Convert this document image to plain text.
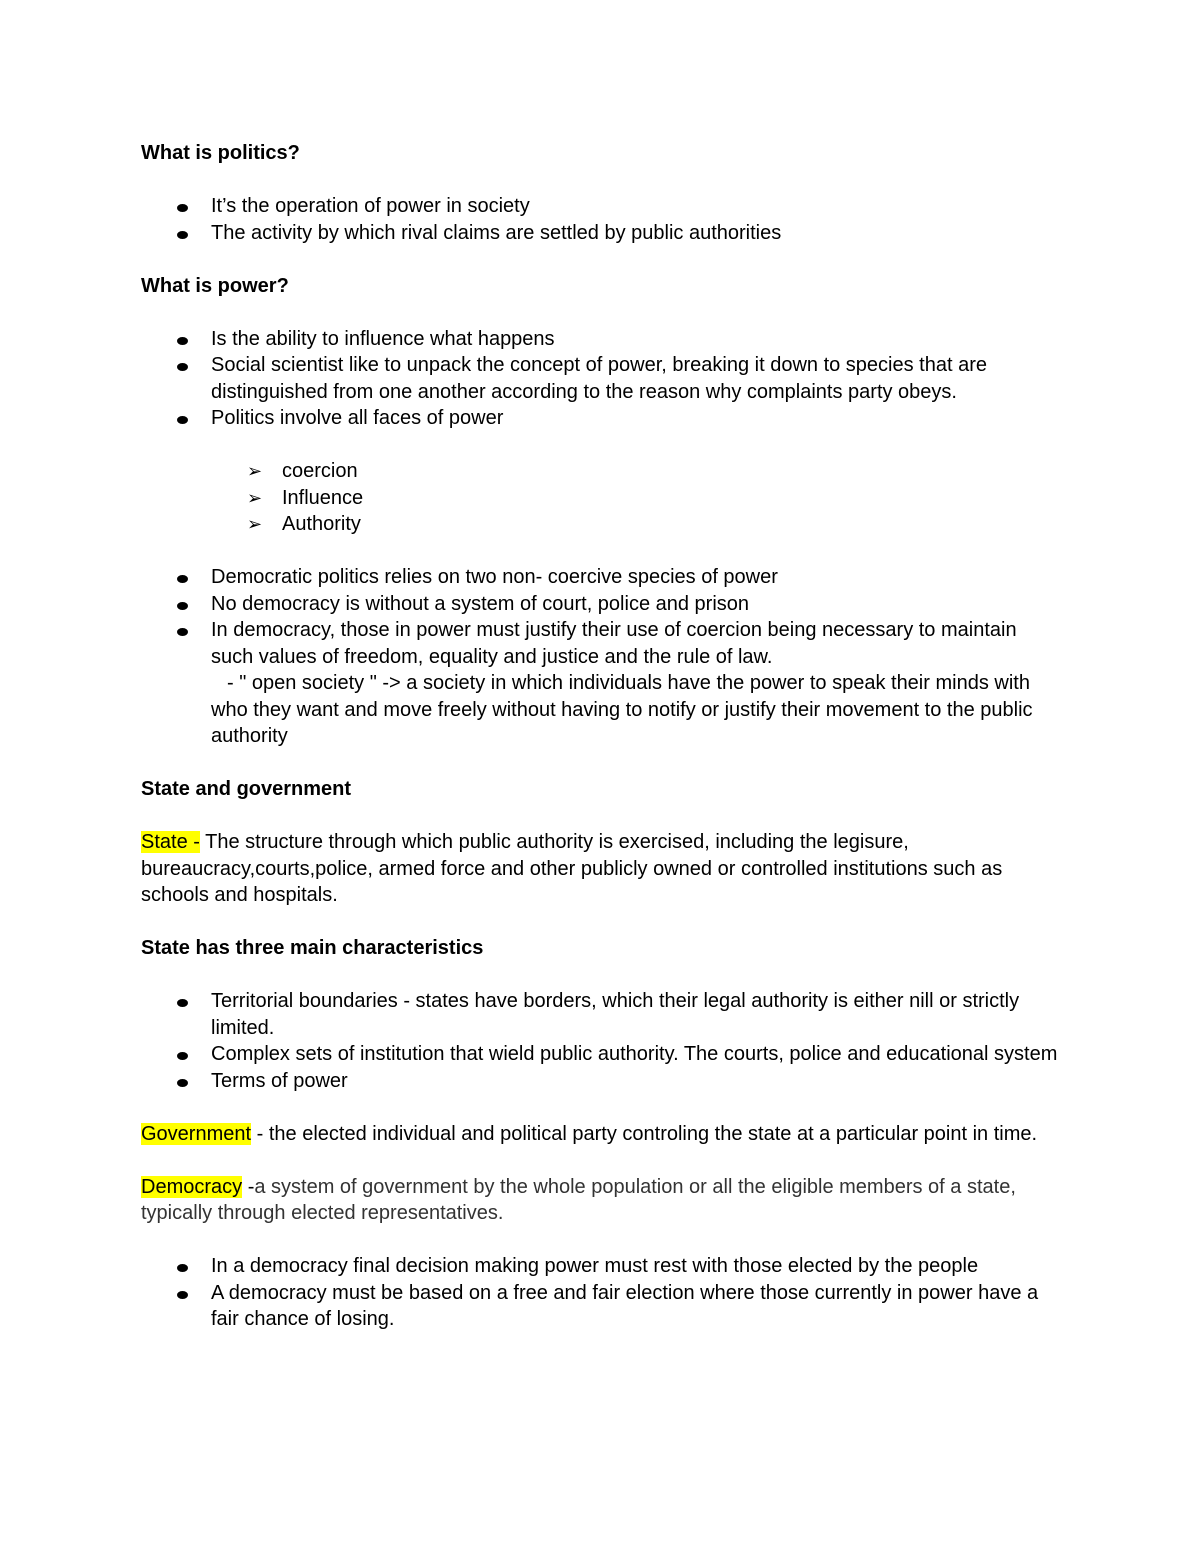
What is politics?

It’s the operation of power in society
The activity by which rival claims are settled by public authorities

What is power?

Is the ability to influence what happens
Social scientist like to unpack the concept of power, breaking it down to species that are distinguished from one another according to the reason why complaints party obeys.
Politics involve all faces of power
➢ coercion
➢ Influence
➢ Authority
Democratic politics relies on two non- coercive species of power
No democracy is without a system of court, police and prison
In democracy, those in power must justify their use of coercion being necessary to maintain such values of freedom, equality and justice and the rule of law.
- " open society " -> a society in which individuals have the power to speak their minds with who they want and move freely without having to notify or justify their movement to the public authority

State and government

State - The structure through which public authority is exercised, including the legisure, bureaucracy,courts,police, armed force and other publicly owned or controlled institutions such as schools and hospitals.

State has three main characteristics

Territorial boundaries - states have borders, which their legal authority is either nill or strictly limited.
Complex sets of institution that wield public authority. The courts, police and educational system
Terms of power

Government - the elected individual and political party controling the state at a particular point in time.

Democracy -a system of government by the whole population or all the eligible members of a state, typically through elected representatives.

In a democracy final decision making power must rest with those elected by the people
A democracy must be based on a free and fair election where those currently in power have a fair chance of losing.
